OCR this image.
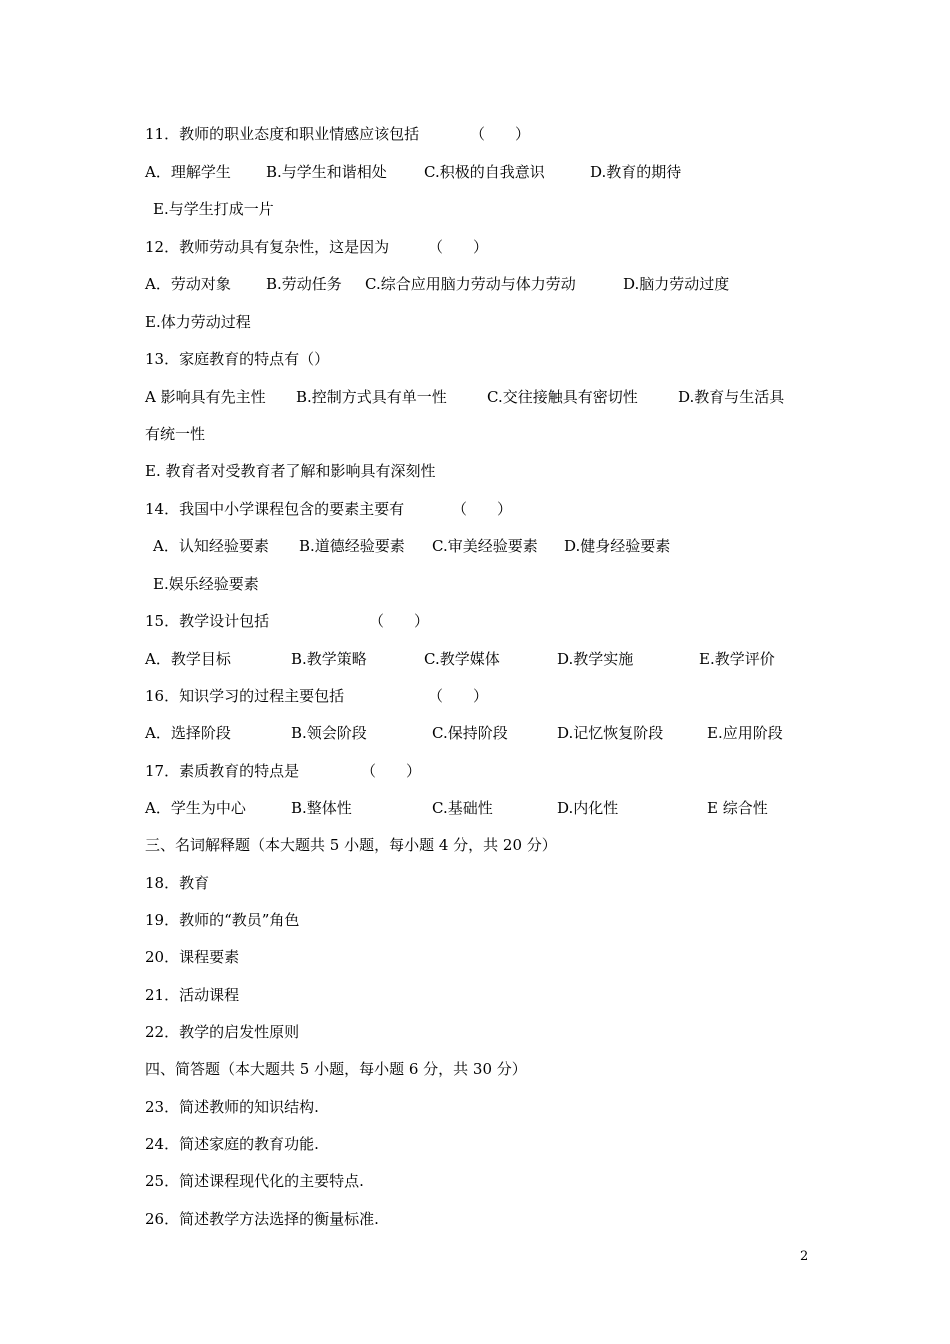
11．教师的职业态度和职业情感应该包括	（　　）
A．理解学生 B.与学生和谐相处 C.积极的自我意识	D.教育的期待
E.与学生打成一片
12．教师劳动具有复杂性，这是因为	（　　）
A．劳动对象 B.劳动任务 C.综合应用脑力劳动与体力劳动	D.脑力劳动过度
E.体力劳动过程
13．家庭教育的特点有（）
A 影响具有先主性 B.控制方式具有单一性	C.交往接触具有密切性	D.教育与生活具
有统一性
E. 教育者对受教育者了解和影响具有深刻性
14．我国中小学课程包含的要素主要有	（　　）
A．认知经验要素 B.道德经验要素 C.审美经验要素 D.健身经验要素
E.娱乐经验要素
15．教学设计包括	（　　）
A．教学目标	B.教学策略	C.教学媒体	D.教学实施	E.教学评价
16．知识学习的过程主要包括	（　　）
A．选择阶段	B.领会阶段	C.保持阶段	D.记忆恢复阶段	E.应用阶段
17．素质教育的特点是	（　　）
A．学生为中心	B.整体性	C.基础性	D.内化性	E 综合性
三、名词解释题（本大题共 5 小题，每小题 4 分，共 20 分）
18．教育
19．教师的“教员”角色
20．课程要素
21．活动课程
22．教学的启发性原则
四、简答题（本大题共 5 小题，每小题 6 分，共 30 分）
23．简述教师的知识结构.
24．简述家庭的教育功能.
25．简述课程现代化的主要特点.
26．简述教学方法选择的衡量标准.
2
